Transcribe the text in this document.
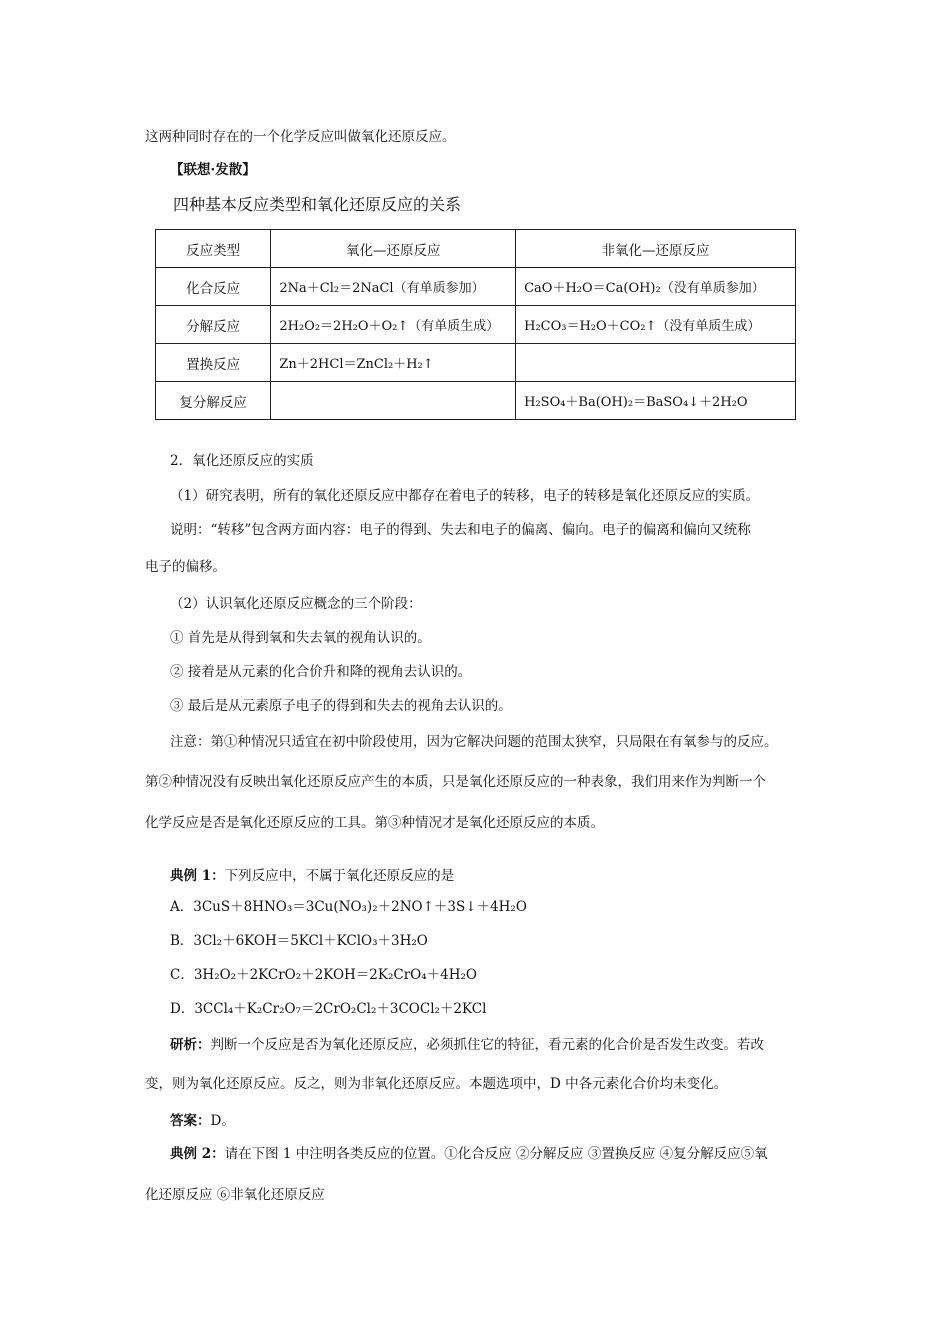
这两种同时存在的一个化学反应叫做氧化还原反应。
【联想·发散】
四种基本反应类型和氧化还原反应的关系
反应类型	氧化—还原反应	非氧化—还原反应
化合反应	2Na＋Cl₂＝2NaCl（有单质参加）	CaO＋H₂O＝Ca(OH)₂（没有单质参加）
分解反应	2H₂O₂＝2H₂O＋O₂↑（有单质生成）	H₂CO₃＝H₂O＋CO₂↑（没有单质生成）
置换反应	Zn＋2HCl＝ZnCl₂＋H₂↑	
复分解反应		H₂SO₄＋Ba(OH)₂＝BaSO₄↓＋2H₂O
2．氧化还原反应的实质
（1）研究表明，所有的氧化还原反应中都存在着电子的转移，电子的转移是氧化还原反应的实质。
说明：“转移”包含两方面内容：电子的得到、失去和电子的偏离、偏向。电子的偏离和偏向又统称
电子的偏移。
（2）认识氧化还原反应概念的三个阶段：
① 首先是从得到氧和失去氧的视角认识的。
② 接着是从元素的化合价升和降的视角去认识的。
③ 最后是从元素原子电子的得到和失去的视角去认识的。
注意：第①种情况只适宜在初中阶段使用，因为它解决问题的范围太狭窄，只局限在有氧参与的反应。
第②种情况没有反映出氧化还原反应产生的本质，只是氧化还原反应的一种表象，我们用来作为判断一个
化学反应是否是氧化还原反应的工具。第③种情况才是氧化还原反应的本质。
典例 1：下列反应中，不属于氧化还原反应的是
A．3CuS＋8HNO₃＝3Cu(NO₃)₂＋2NO↑＋3S↓＋4H₂O
B．3Cl₂＋6KOH＝5KCl＋KClO₃＋3H₂O
C．3H₂O₂＋2KCrO₂＋2KOH＝2K₂CrO₄＋4H₂O
D．3CCl₄＋K₂Cr₂O₇＝2CrO₂Cl₂＋3COCl₂＋2KCl
研析：判断一个反应是否为氧化还原反应，必须抓住它的特征，看元素的化合价是否发生改变。若改
变，则为氧化还原反应。反之，则为非氧化还原反应。本题选项中，D 中各元素化合价均未变化。
答案：D。
典例 2：请在下图 1 中注明各类反应的位置。①化合反应 ②分解反应 ③置换反应 ④复分解反应⑤氧
化还原反应 ⑥非氧化还原反应
